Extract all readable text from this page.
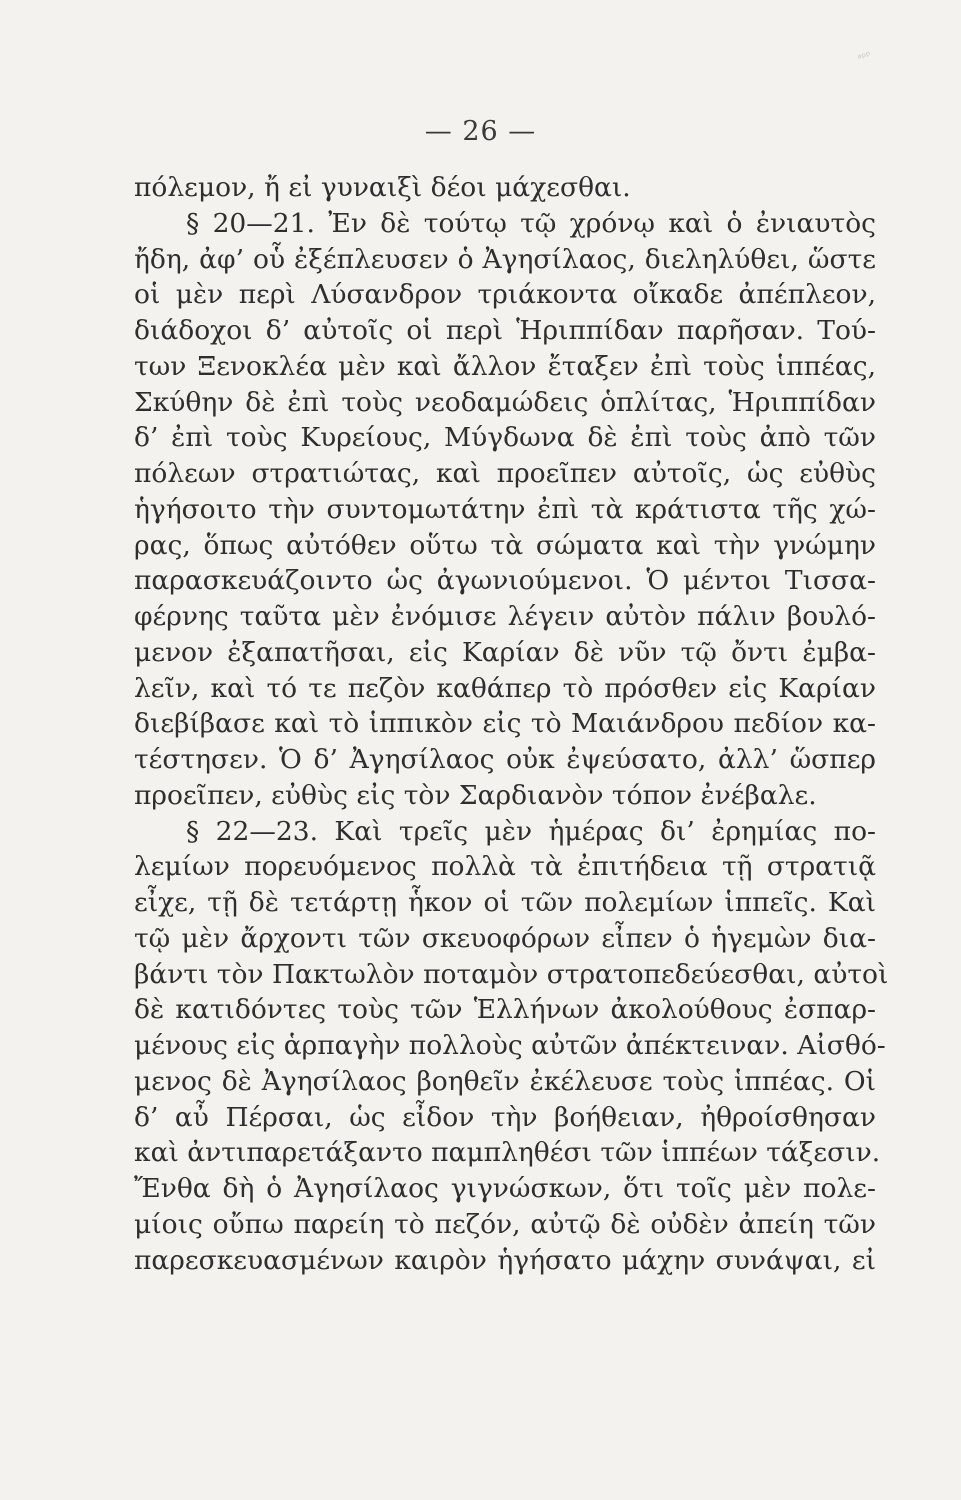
ᵃᵖᵖ
— 26 —
πόλεμον, ἤ εἰ γυναιξὶ δέοι μάχεσθαι.
§ 20—21. Ἐν δὲ τούτῳ τῷ χρόνῳ καὶ ὁ ἐνιαυτὸς
ἤδη, ἀφ’ οὗ ἐξέπλευσεν ὁ Ἀγησίλαος, διεληλύθει, ὥστε
οἱ μὲν περὶ Λύσανδρον τριάκοντα οἴκαδε ἀπέπλεον,
διάδοχοι δ’ αὐτοῖς οἱ περὶ Ἡριππίδαν παρῆσαν. Τού-
των Ξενοκλέα μὲν καὶ ἄλλον ἔταξεν ἐπὶ τοὺς ἱππέας,
Σκύθην δὲ ἐπὶ τοὺς νεοδαμώδεις ὁπλίτας, Ἡριππίδαν
δ’ ἐπὶ τοὺς Κυρείους, Μύγδωνα δὲ ἐπὶ τοὺς ἀπὸ τῶν
πόλεων στρατιώτας, καὶ προεῖπεν αὐτοῖς, ὡς εὐθὺς
ἡγήσοιτο τὴν συντομωτάτην ἐπὶ τὰ κράτιστα τῆς χώ-
ρας, ὅπως αὐτόθεν οὕτω τὰ σώματα καὶ τὴν γνώμην
παρασκευάζοιντο ὡς ἀγωνιούμενοι. Ὁ μέντοι Τισσα-
φέρνης ταῦτα μὲν ἐνόμισε λέγειν αὐτὸν πάλιν βουλό-
μενον ἐξαπατῆσαι, εἰς Καρίαν δὲ νῦν τῷ ὄντι ἐμβα-
λεῖν, καὶ τό τε πεζὸν καθάπερ τὸ πρόσθεν εἰς Καρίαν
διεβίβασε καὶ τὸ ἱππικὸν εἰς τὸ Μαιάνδρου πεδίον κα-
τέστησεν. Ὁ δ’ Ἀγησίλαος οὐκ ἐψεύσατο, ἀλλ’ ὥσπερ
προεῖπεν, εὐθὺς εἰς τὸν Σαρδιανὸν τόπον ἐνέβαλε.
§ 22—23. Καὶ τρεῖς μὲν ἡμέρας δι’ ἐρημίας πο-
λεμίων πορευόμενος πολλὰ τὰ ἐπιτήδεια τῇ στρατιᾷ
εἶχε, τῇ δὲ τετάρτῃ ἧκον οἱ τῶν πολεμίων ἱππεῖς. Καὶ
τῷ μὲν ἄρχοντι τῶν σκευοφόρων εἶπεν ὁ ἡγεμὼν δια-
βάντι τὸν Πακτωλὸν ποταμὸν στρατοπεδεύεσθαι, αὐτοὶ
δὲ κατιδόντες τοὺς τῶν Ἑλλήνων ἀκολούθους ἐσπαρ-
μένους εἰς ἁρπαγὴν πολλοὺς αὐτῶν ἀπέκτειναν. Αἰσθό-
μενος δὲ Ἀγησίλαος βοηθεῖν ἐκέλευσε τοὺς ἱππέας. Οἱ
δ’ αὖ Πέρσαι, ὡς εἶδον τὴν βοήθειαν, ἠθροίσθησαν
καὶ ἀντιπαρετάξαντο παμπληθέσι τῶν ἱππέων τάξεσιν.
Ἔνθα δὴ ὁ Ἀγησίλαος γιγνώσκων, ὅτι τοῖς μὲν πολε-
μίοις οὔπω παρείη τὸ πεζόν, αὐτῷ δὲ οὐδὲν ἀπείη τῶν
παρεσκευασμένων καιρὸν ἡγήσατο μάχην συνάψαι, εἰ
